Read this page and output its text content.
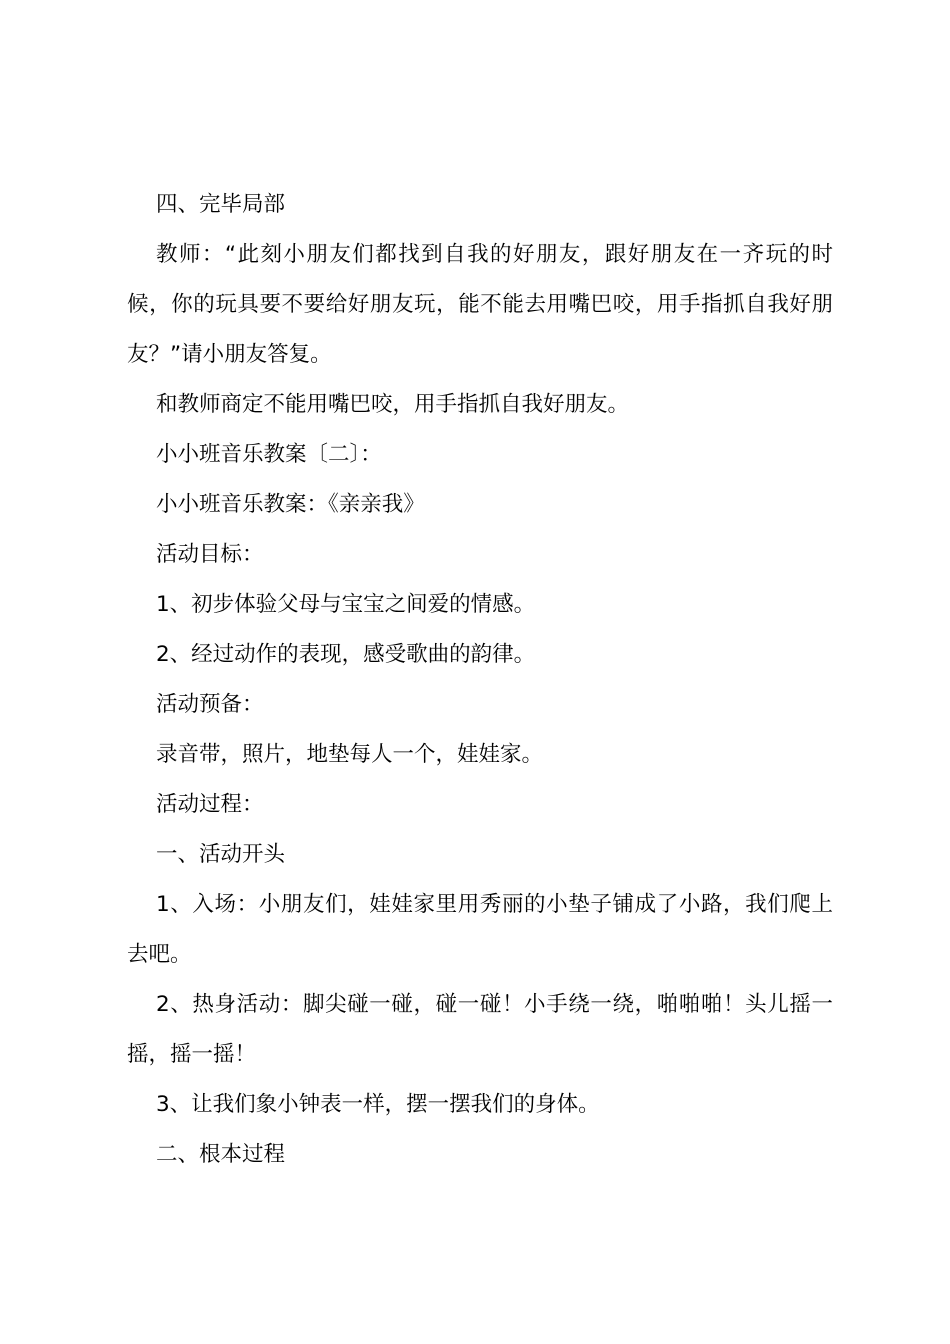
四、完毕局部

教师：“此刻小朋友们都找到自我的好朋友，跟好朋友在一齐玩的时候，你的玩具要不要给好朋友玩，能不能去用嘴巴咬，用手指抓自我好朋友？”请小朋友答复。

和教师商定不能用嘴巴咬，用手指抓自我好朋友。

小小班音乐教案〔二〕：

小小班音乐教案：《亲亲我》

活动目标：

1、初步体验父母与宝宝之间爱的情感。

2、经过动作的表现，感受歌曲的韵律。

活动预备：

录音带，照片，地垫每人一个，娃娃家。

活动过程：

一、活动开头

1、入场：小朋友们，娃娃家里用秀丽的小垫子铺成了小路，我们爬上去吧。

2、热身活动：脚尖碰一碰，碰一碰！小手绕一绕，啪啪啪！头儿摇一摇，摇一摇！

3、让我们象小钟表一样，摆一摆我们的身体。

二、根本过程
